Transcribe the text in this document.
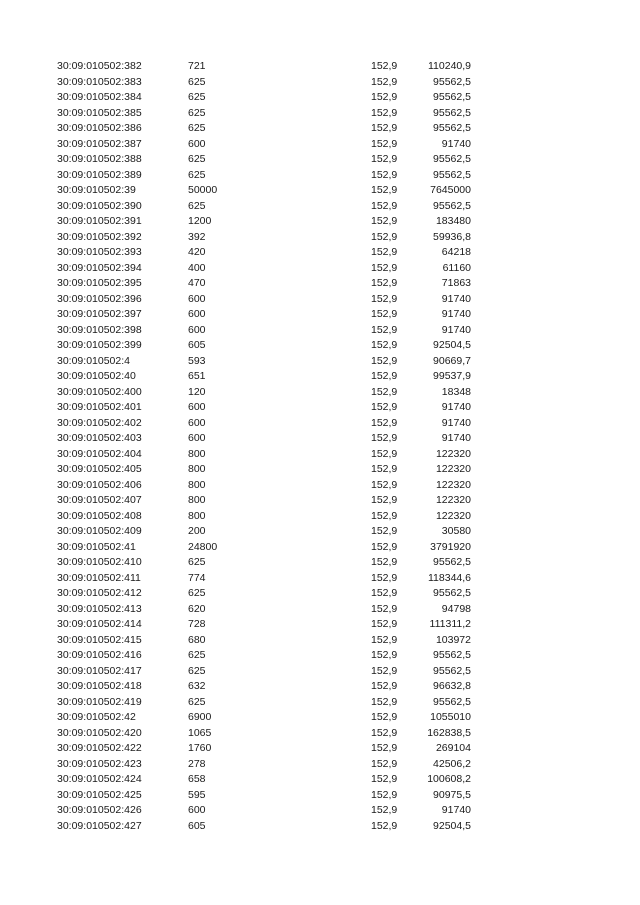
30:09:010502:382	721	152,9	110240,9
30:09:010502:383	625	152,9	95562,5
30:09:010502:384	625	152,9	95562,5
30:09:010502:385	625	152,9	95562,5
30:09:010502:386	625	152,9	95562,5
30:09:010502:387	600	152,9	91740
30:09:010502:388	625	152,9	95562,5
30:09:010502:389	625	152,9	95562,5
30:09:010502:39	50000	152,9	7645000
30:09:010502:390	625	152,9	95562,5
30:09:010502:391	1200	152,9	183480
30:09:010502:392	392	152,9	59936,8
30:09:010502:393	420	152,9	64218
30:09:010502:394	400	152,9	61160
30:09:010502:395	470	152,9	71863
30:09:010502:396	600	152,9	91740
30:09:010502:397	600	152,9	91740
30:09:010502:398	600	152,9	91740
30:09:010502:399	605	152,9	92504,5
30:09:010502:4	593	152,9	90669,7
30:09:010502:40	651	152,9	99537,9
30:09:010502:400	120	152,9	18348
30:09:010502:401	600	152,9	91740
30:09:010502:402	600	152,9	91740
30:09:010502:403	600	152,9	91740
30:09:010502:404	800	152,9	122320
30:09:010502:405	800	152,9	122320
30:09:010502:406	800	152,9	122320
30:09:010502:407	800	152,9	122320
30:09:010502:408	800	152,9	122320
30:09:010502:409	200	152,9	30580
30:09:010502:41	24800	152,9	3791920
30:09:010502:410	625	152,9	95562,5
30:09:010502:411	774	152,9	118344,6
30:09:010502:412	625	152,9	95562,5
30:09:010502:413	620	152,9	94798
30:09:010502:414	728	152,9	111311,2
30:09:010502:415	680	152,9	103972
30:09:010502:416	625	152,9	95562,5
30:09:010502:417	625	152,9	95562,5
30:09:010502:418	632	152,9	96632,8
30:09:010502:419	625	152,9	95562,5
30:09:010502:42	6900	152,9	1055010
30:09:010502:420	1065	152,9	162838,5
30:09:010502:422	1760	152,9	269104
30:09:010502:423	278	152,9	42506,2
30:09:010502:424	658	152,9	100608,2
30:09:010502:425	595	152,9	90975,5
30:09:010502:426	600	152,9	91740
30:09:010502:427	605	152,9	92504,5
